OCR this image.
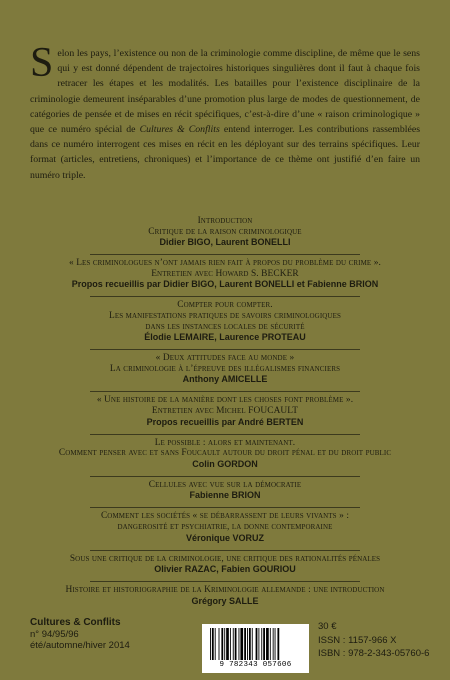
S elon les pays, l’existence ou non de la criminologie comme discipline, de même que le sens qui y est donné dépendent de trajectoires historiques singulières dont il faut à chaque fois retracer les étapes et les modalités. Les batailles pour l’existence disciplinaire de la criminologie demeurent inséparables d’une promotion plus large de modes de questionnement, de catégories de pensée et de mises en récit spécifiques, c’est-à-dire d’une « raison criminologique » que ce numéro spécial de Cultures & Conflits entend interroger. Les contributions rassemblées dans ce numéro interrogent ces mises en récit en les déployant sur des terrains spécifiques. Leur format (articles, entretiens, chroniques) et l’importance de ce thème ont justifié d’en faire un numéro triple.
Introduction
Critique de la raison criminologique
Didier BIGO, Laurent BONELLI
« Les criminologues n’ont jamais rien fait à propos du problème du crime ».
Entretien avec Howard S. BECKER
Propos recueillis par Didier BIGO, Laurent BONELLI et Fabienne BRION
Compter pour compter.
Les manifestations pratiques de savoirs criminologiques
dans les instances locales de sécurité
Élodie LEMAIRE, Laurence PROTEAU
« Deux attitudes face au monde »
La criminologie à l’épreuve des illégalismes financiers
Anthony AMICELLE
« Une histoire de la manière dont les choses font problème ».
Entretien avec Michel FOUCAULT
Propos recueillis par André BERTEN
Le possible : alors et maintenant.
Comment penser avec et sans Foucault autour du droit pénal et du droit public
Colin GORDON
Cellules avec vue sur la démocratie
Fabienne BRION
Comment les sociétés « se débarrassent de leurs vivants » :
dangerosité et psychiatrie, la donne contemporaine
Véronique VORUZ
Sous une critique de la criminologie, une critique des rationalités pénales
Olivier RAZAC, Fabien GOURIOU
Histoire et historiographie de la Kriminologie allemande : une introduction
Grégory SALLE
Cultures & Conflits
n° 94/95/96
été/automne/hiver 2014
9 782343 057606
30 €
ISSN : 1157-966 X
ISBN : 978-2-343-05760-6
